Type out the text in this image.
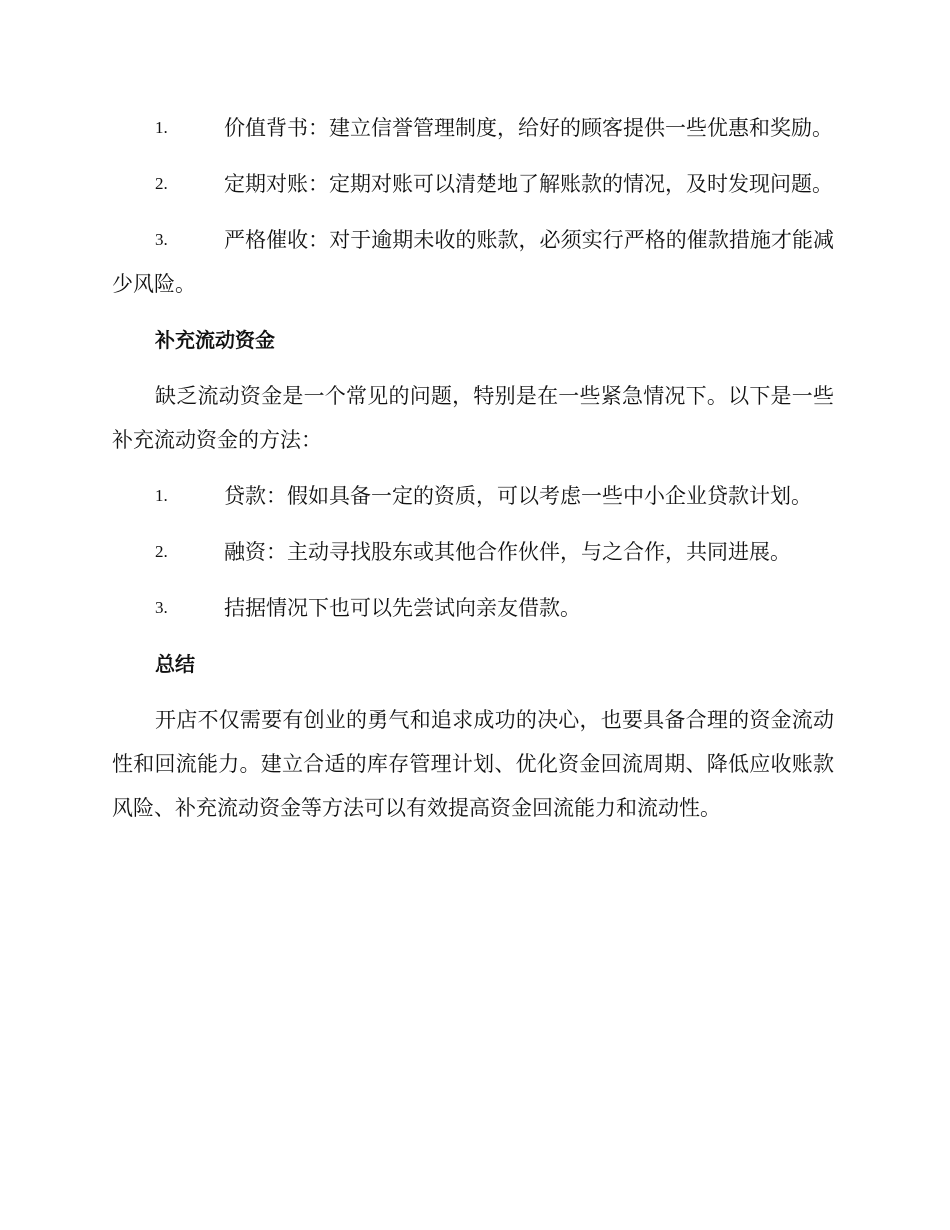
1.	价值背书：建立信誉管理制度，给好的顾客提供一些优惠和奖励。
2.	定期对账：定期对账可以清楚地了解账款的情况，及时发现问题。
3.	严格催收：对于逾期未收的账款，必须实行严格的催款措施才能减少风险。
补充流动资金

缺乏流动资金是一个常见的问题，特别是在一些紧急情况下。以下是一些补充流动资金的方法：

1.	贷款：假如具备一定的资质，可以考虑一些中小企业贷款计划。
2.	融资：主动寻找股东或其他合作伙伴，与之合作，共同进展。
3.	拮据情况下也可以先尝试向亲友借款。
总结

开店不仅需要有创业的勇气和追求成功的决心，也要具备合理的资金流动性和回流能力。建立合适的库存管理计划、优化资金回流周期、降低应收账款风险、补充流动资金等方法可以有效提高资金回流能力和流动性。
